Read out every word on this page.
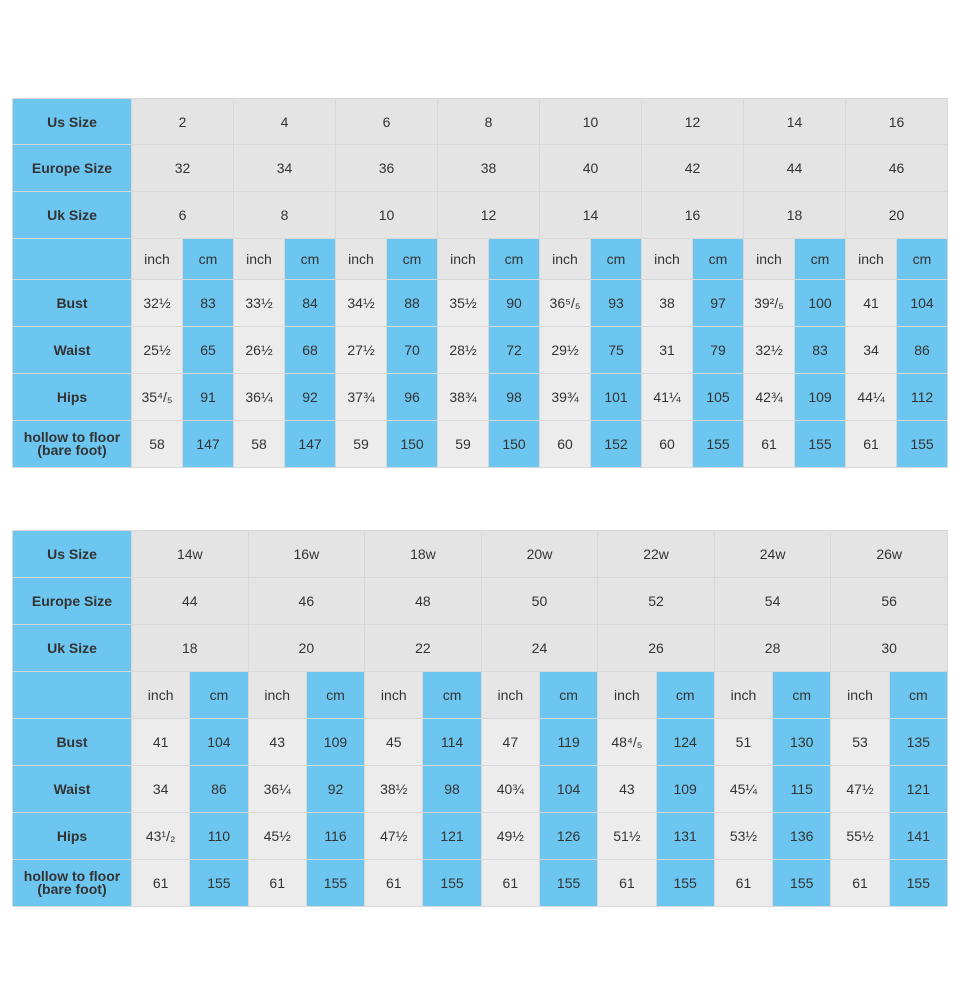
Us Size	2		4		6		8		10		12		14		16	
Europe Size	32		34		36		38		40		42		44		46	
Uk Size	6		8		10		12		14		16		18		20	
	inch	cm	inch	cm	inch	cm	inch	cm	inch	cm	inch	cm	inch	cm	inch	cm
Bust	32½	83	33½	84	34½	88	35½	90	36⁵/₅	93	38	97	39²/₅	100	41	104
Waist	25½	65	26½	68	27½	70	28½	72	29½	75	31	79	32½	83	34	86
Hips	35⁴/₅	91	36¼	92	37¾	96	38¾	98	39¾	101	41¼	105	42¾	109	44¼	112
hollow to floor
(bare foot)	58	147	58	147	59	150	59	150	60	152	60	155	61	155	61	155
Us Size	14w		16w		18w		20w		22w		24w		26w	
Europe Size	44		46		48		50		52		54		56	
Uk Size	18		20		22		24		26		28		30	
	inch	cm	inch	cm	inch	cm	inch	cm	inch	cm	inch	cm	inch	cm
Bust	41	104	43	109	45	114	47	119	48⁴/₅	124	51	130	53	135
Waist	34	86	36¼	92	38½	98	40¾	104	43	109	45¼	115	47½	121
Hips	43¹/₂	110	45½	116	47½	121	49½	126	51½	131	53½	136	55½	141
hollow to floor
(bare foot)	61	155	61	155	61	155	61	155	61	155	61	155	61	155
